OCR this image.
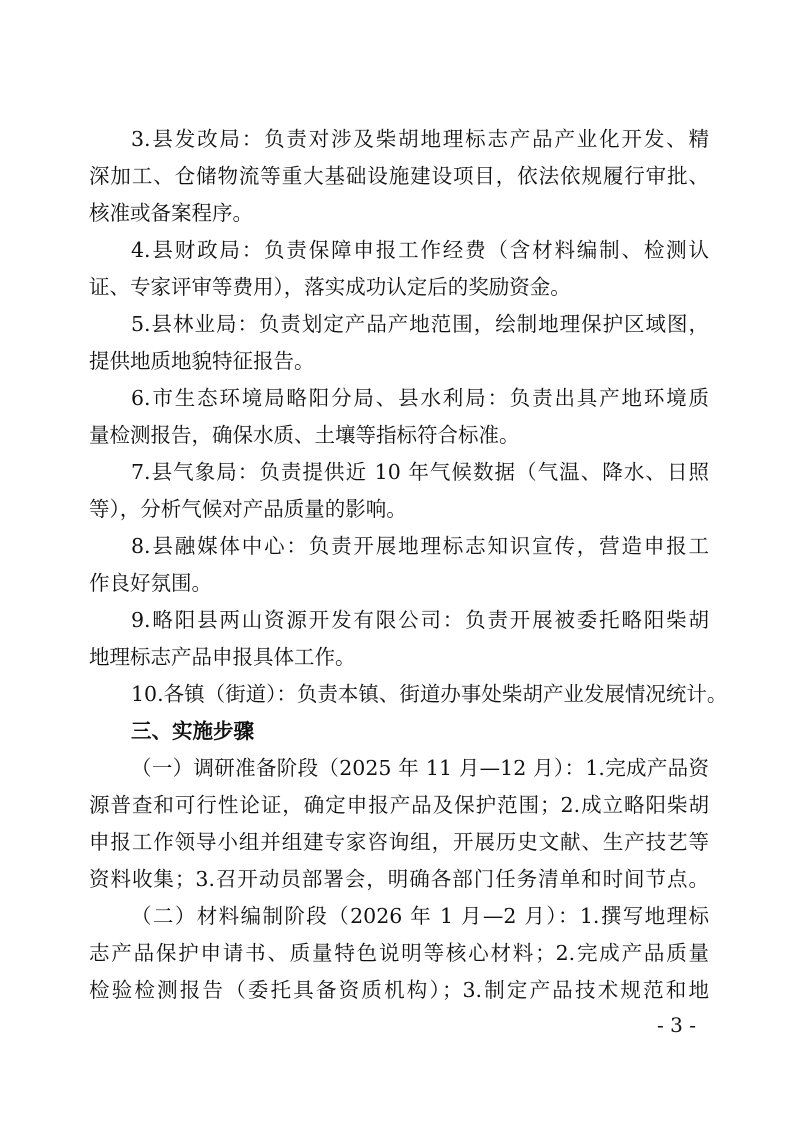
3.县发改局：负责对涉及柴胡地理标志产品产业化开发、精
深加工、仓储物流等重大基础设施建设项目，依法依规履行审批、
核准或备案程序。
4.县财政局：负责保障申报工作经费（含材料编制、检测认
证、专家评审等费用），落实成功认定后的奖励资金。
5.县林业局：负责划定产品产地范围，绘制地理保护区域图，
提供地质地貌特征报告。
6.市生态环境局略阳分局、县水利局：负责出具产地环境质
量检测报告，确保水质、土壤等指标符合标准。
7.县气象局：负责提供近 10 年气候数据（气温、降水、日照
等），分析气候对产品质量的影响。
8.县融媒体中心：负责开展地理标志知识宣传，营造申报工
作良好氛围。
9.略阳县两山资源开发有限公司：负责开展被委托略阳柴胡
地理标志产品申报具体工作。
10.各镇（街道）：负责本镇、街道办事处柴胡产业发展情况统计。
三、实施步骤
（一）调研准备阶段（2025 年 11 月—12 月）：1.完成产品资
源普查和可行性论证，确定申报产品及保护范围；2.成立略阳柴胡
申报工作领导小组并组建专家咨询组，开展历史文献、生产技艺等
资料收集；3.召开动员部署会，明确各部门任务清单和时间节点。
（二）材料编制阶段（2026 年 1 月—2 月）：1.撰写地理标
志产品保护申请书、质量特色说明等核心材料；2.完成产品质量
检验检测报告（委托具备资质机构）；3.制定产品技术规范和地
- 3 -
